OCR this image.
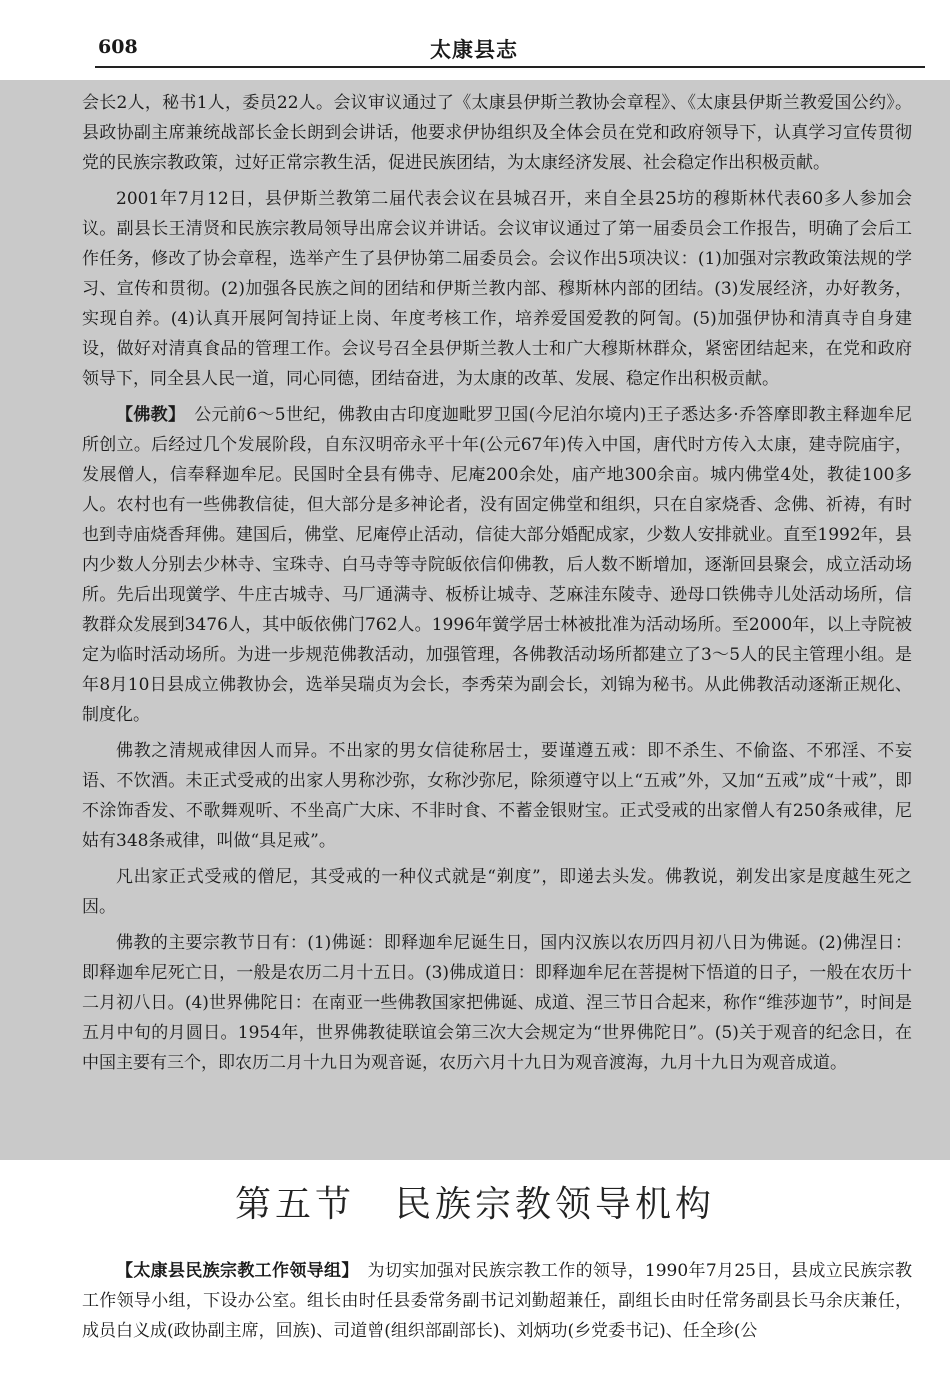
608	太康县志

会长2人，秘书1人，委员22人。会议审议通过了《太康县伊斯兰教协会章程》、《太康县伊斯兰教爱国公约》。县政协副主席兼统战部长金长朗到会讲话，他要求伊协组织及全体会员在党和政府领导下，认真学习宣传贯彻党的民族宗教政策，过好正常宗教生活，促进民族团结，为太康经济发展、社会稳定作出积极贡献。

2001年7月12日，县伊斯兰教第二届代表会议在县城召开，来自全县25坊的穆斯林代表60多人参加会议。副县长王清贤和民族宗教局领导出席会议并讲话。会议审议通过了第一届委员会工作报告，明确了会后工作任务，修改了协会章程，选举产生了县伊协第二届委员会。会议作出5项决议：(1)加强对宗教政策法规的学习、宣传和贯彻。(2)加强各民族之间的团结和伊斯兰教内部、穆斯林内部的团结。(3)发展经济，办好教务，实现自养。(4)认真开展阿訇持证上岗、年度考核工作，培养爱国爱教的阿訇。(5)加强伊协和清真寺自身建设，做好对清真食品的管理工作。会议号召全县伊斯兰教人士和广大穆斯林群众，紧密团结起来，在党和政府领导下，同全县人民一道，同心同德，团结奋进，为太康的改革、发展、稳定作出积极贡献。

【佛教】　 公元前6～5世纪，佛教由古印度迦毗罗卫国(今尼泊尔境内)王子悉达多·乔答摩即教主释迦牟尼所创立。后经过几个发展阶段，自东汉明帝永平十年(公元67年)传入中国，唐代时方传入太康，建寺院庙宇，发展僧人，信奉释迦牟尼。民国时全县有佛寺、尼庵200余处，庙产地300余亩。城内佛堂4处，教徒100多人。农村也有一些佛教信徒，但大部分是多神论者，没有固定佛堂和组织，只在自家烧香、念佛、祈祷，有时也到寺庙烧香拜佛。建国后，佛堂、尼庵停止活动，信徒大部分婚配成家，少数人安排就业。直至1992年，县内少数人分别去少林寺、宝珠寺、白马寺等寺院皈依信仰佛教，后人数不断增加，逐渐回县聚会，成立活动场所。先后出现黉学、牛庄古城寺、马厂通满寺、板桥让城寺、芝麻洼东陵寺、逊母口铁佛寺儿处活动场所，信教群众发展到3476人，其中皈依佛门762人。1996年黉学居士林被批准为活动场所。至2000年，以上寺院被定为临时活动场所。为进一步规范佛教活动，加强管理，各佛教活动场所都建立了3～5人的民主管理小组。是年8月10日县成立佛教协会，选举吴瑞贞为会长，李秀荣为副会长，刘锦为秘书。从此佛教活动逐渐正规化、制度化。

佛教之清规戒律因人而异。不出家的男女信徒称居士，要谨遵五戒：即不杀生、不偷盗、不邪淫、不妄语、不饮酒。未正式受戒的出家人男称沙弥，女称沙弥尼，除须遵守以上“五戒”外，又加“五戒”成“十戒”，即不涂饰香发、不歌舞观听、不坐高广大床、不非时食、不蓄金银财宝。正式受戒的出家僧人有250条戒律，尼姑有348条戒律，叫做“具足戒”。

凡出家正式受戒的僧尼，其受戒的一种仪式就是“剃度”，即递去头发。佛教说，剃发出家是度越生死之因。

佛教的主要宗教节日有：(1)佛诞：即释迦牟尼诞生日，国内汉族以农历四月初八日为佛诞。(2)佛涅日：即释迦牟尼死亡日，一般是农历二月十五日。(3)佛成道日：即释迦牟尼在菩提树下悟道的日子，一般在农历十二月初八日。(4)世界佛陀日：在南亚一些佛教国家把佛诞、成道、涅三节日合起来，称作“维莎迦节”，时间是五月中旬的月圆日。1954年，世界佛教徒联谊会第三次大会规定为“世界佛陀日”。(5)关于观音的纪念日，在中国主要有三个，即农历二月十九日为观音诞，农历六月十九日为观音渡海，九月十九日为观音成道。

第五节 民族宗教领导机构

【太康县民族宗教工作领导组】　 为切实加强对民族宗教工作的领导，1990年7月25日，县成立民族宗教工作领导小组，下设办公室。组长由时任县委常务副书记刘勤超兼任，副组长由时任常务副县长马余庆兼任，成员白义成(政协副主席，回族)、司道曾(组织部副部长)、刘炳功(乡党委书记)、任全珍(公
